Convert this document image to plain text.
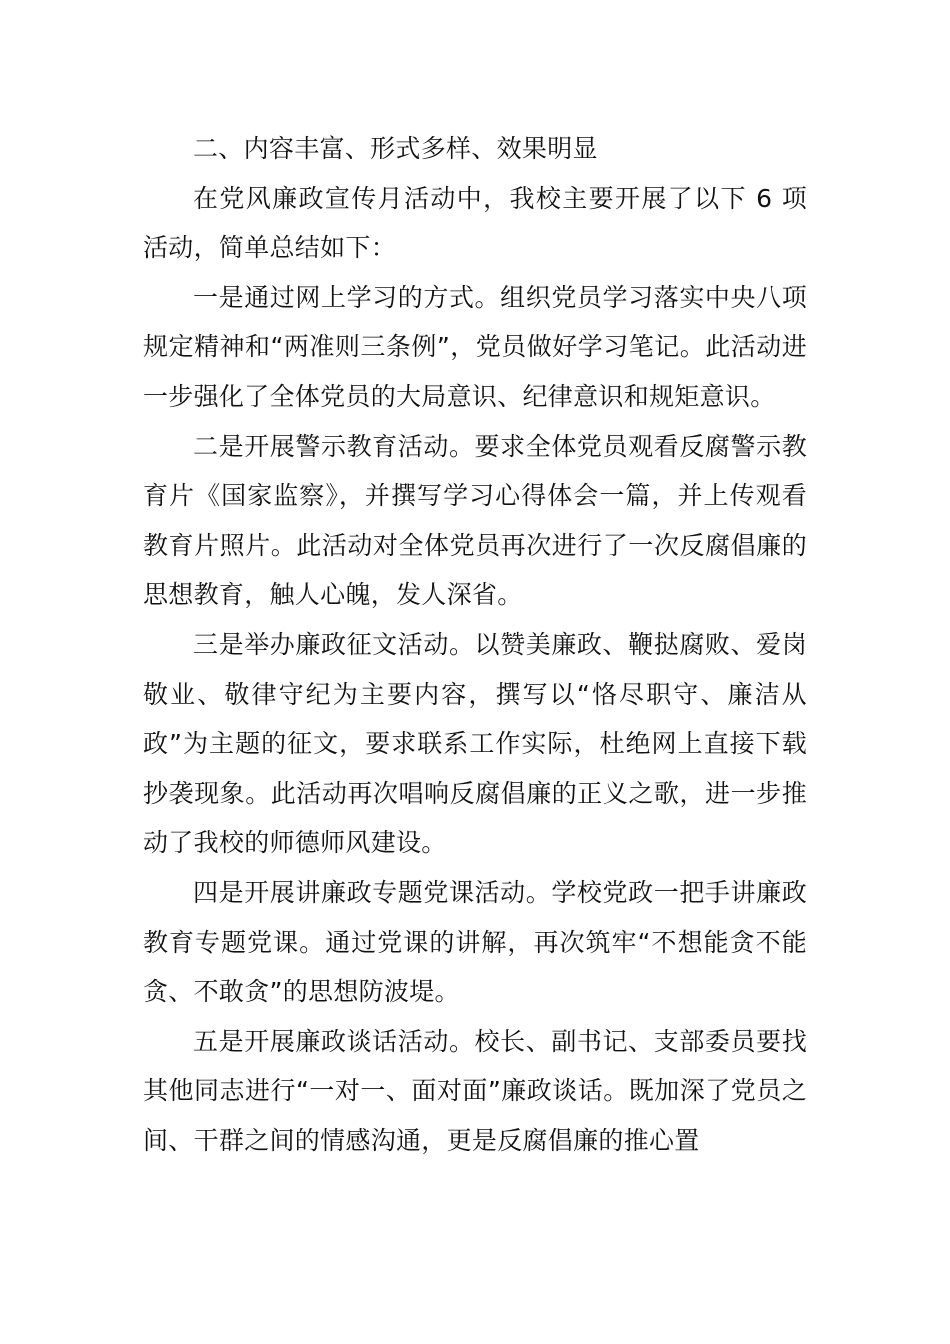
二、内容丰富、形式多样、效果明显

在党风廉政宣传月活动中，我校主要开展了以下 6 项活动，简单总结如下：

一是通过网上学习的方式。组织党员学习落实中央八项规定精神和“两准则三条例”，党员做好学习笔记。此活动进一步强化了全体党员的大局意识、纪律意识和规矩意识。

二是开展警示教育活动。要求全体党员观看反腐警示教育片《国家监察》，并撰写学习心得体会一篇，并上传观看教育片照片。此活动对全体党员再次进行了一次反腐倡廉的思想教育，触人心魄，发人深省。

三是举办廉政征文活动。以赞美廉政、鞭挞腐败、爱岗敬业、敬律守纪为主要内容，撰写以“恪尽职守、廉洁从政”为主题的征文，要求联系工作实际，杜绝网上直接下载抄袭现象。此活动再次唱响反腐倡廉的正义之歌，进一步推动了我校的师德师风建设。

四是开展讲廉政专题党课活动。学校党政一把手讲廉政教育专题党课。通过党课的讲解，再次筑牢“不想能贪不能贪、不敢贪”的思想防波堤。

五是开展廉政谈话活动。校长、副书记、支部委员要找其他同志进行“一对一、面对面”廉政谈话。既加深了党员之间、干群之间的情感沟通，更是反腐倡廉的推心置
